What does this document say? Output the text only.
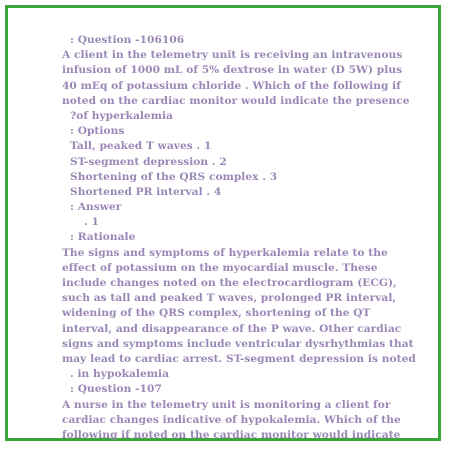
: Question -106106
A client in the telemetry unit is receiving an intravenous
infusion of 1000 mL of 5% dextrose in water (D 5W) plus
40 mEq of potassium chloride . Which of the following if
noted on the cardiac monitor would indicate the presence
?of hyperkalemia
: Options
Tall, peaked T waves . 1
ST-segment depression . 2
Shortening of the QRS complex . 3
Shortened PR interval . 4
: Answer
. 1
: Rationale
The signs and symptoms of hyperkalemia relate to the
effect of potassium on the myocardial muscle. These
include changes noted on the electrocardiogram (ECG),
such as tall and peaked T waves, prolonged PR interval,
widening of the QRS complex, shortening of the QT
interval, and disappearance of the P wave. Other cardiac
signs and symptoms include ventricular dysrhythmias that
may lead to cardiac arrest. ST-segment depression is noted
. in hypokalemia
: Question -107
A nurse in the telemetry unit is monitoring a client for
cardiac changes indicative of hypokalemia. Which of the
following if noted on the cardiac monitor would indicate
